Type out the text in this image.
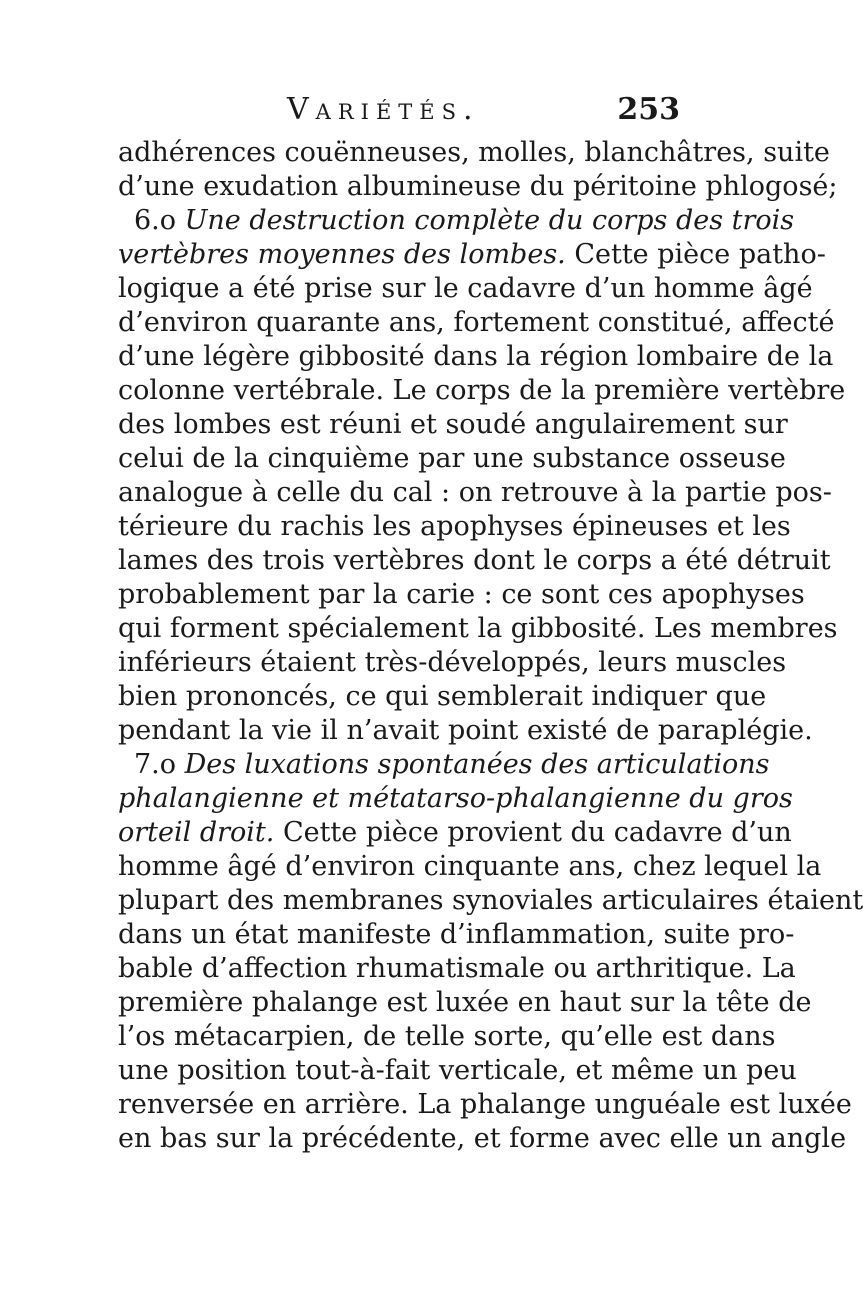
Variétés.	253
adhérences couënneuses, molles, blanchâtres, suite
d’une exudation albumineuse du péritoine phlogosé;
6.o Une destruction complète du corps des trois
vertèbres moyennes des lombes. Cette pièce patho-
logique a été prise sur le cadavre d’un homme âgé
d’environ quarante ans, fortement constitué, affecté
d’une légère gibbosité dans la région lombaire de la
colonne vertébrale. Le corps de la première vertèbre
des lombes est réuni et soudé angulairement sur
celui de la cinquième par une substance osseuse
analogue à celle du cal : on retrouve à la partie pos-
térieure du rachis les apophyses épineuses et les
lames des trois vertèbres dont le corps a été détruit
probablement par la carie : ce sont ces apophyses
qui forment spécialement la gibbosité. Les membres
inférieurs étaient très-développés, leurs muscles
bien prononcés, ce qui semblerait indiquer que
pendant la vie il n’avait point existé de paraplégie.
7.o Des luxations spontanées des articulations
phalangienne et métatarso-phalangienne du gros
orteil droit. Cette pièce provient du cadavre d’un
homme âgé d’environ cinquante ans, chez lequel la
plupart des membranes synoviales articulaires étaient
dans un état manifeste d’inflammation, suite pro-
bable d’affection rhumatismale ou arthritique. La
première phalange est luxée en haut sur la tête de
l’os métacarpien, de telle sorte, qu’elle est dans
une position tout-à-fait verticale, et même un peu
renversée en arrière. La phalange unguéale est luxée
en bas sur la précédente, et forme avec elle un angle
